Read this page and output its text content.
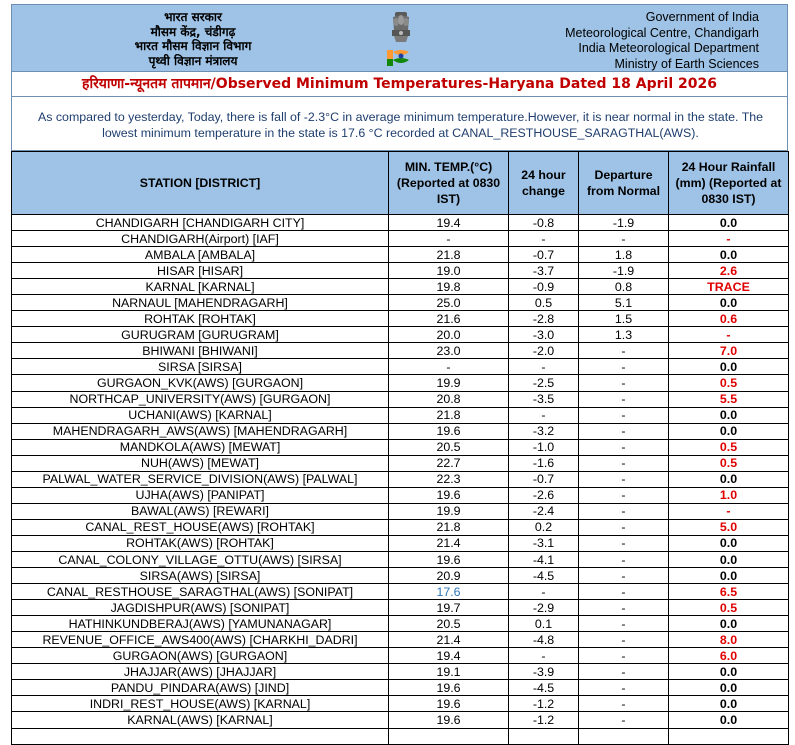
भारत सरकार
मौसम केंद्र, चंडीगढ़
भारत मौसम विज्ञान विभाग
पृथ्वी विज्ञान मंत्रालय
Government of India
Meteorological Centre, Chandigarh
India Meteorological Department
Ministry of Earth Sciences
हरियाणा-न्यूनतम तापमान/Observed Minimum Temperatures-Haryana Dated 18 April 2026
As compared to yesterday, Today, there is fall of -2.3°C in average minimum temperature.However, it is near normal in the state. The lowest minimum temperature in the state is 17.6 °C recorded at CANAL_RESTHOUSE_SARAGTHAL(AWS).
STATION [DISTRICT]	MIN. TEMP.(°C) (Reported at 0830 IST)	24 hour change	Departure from Normal	24 Hour Rainfall (mm) (Reported at 0830 IST)
CHANDIGARH [CHANDIGARH CITY]	19.4	-0.8	-1.9	0.0
CHANDIGARH(Airport) [IAF]	-	-	-	-
AMBALA [AMBALA]	21.8	-0.7	1.8	0.0
HISAR [HISAR]	19.0	-3.7	-1.9	2.6
KARNAL [KARNAL]	19.8	-0.9	0.8	TRACE
NARNAUL [MAHENDRAGARH]	25.0	0.5	5.1	0.0
ROHTAK [ROHTAK]	21.6	-2.8	1.5	0.6
GURUGRAM [GURUGRAM]	20.0	-3.0	1.3	-
BHIWANI [BHIWANI]	23.0	-2.0	-	7.0
SIRSA [SIRSA]	-	-	-	0.0
GURGAON_KVK(AWS) [GURGAON]	19.9	-2.5	-	0.5
NORTHCAP_UNIVERSITY(AWS) [GURGAON]	20.8	-3.5	-	5.5
UCHANI(AWS) [KARNAL]	21.8	-	-	0.0
MAHENDRAGARH_AWS(AWS) [MAHENDRAGARH]	19.6	-3.2	-	0.0
MANDKOLA(AWS) [MEWAT]	20.5	-1.0	-	0.5
NUH(AWS) [MEWAT]	22.7	-1.6	-	0.5
PALWAL_WATER_SERVICE_DIVISION(AWS) [PALWAL]	22.3	-0.7	-	0.0
UJHA(AWS) [PANIPAT]	19.6	-2.6	-	1.0
BAWAL(AWS) [REWARI]	19.9	-2.4	-	-
CANAL_REST_HOUSE(AWS) [ROHTAK]	21.8	0.2	-	5.0
ROHTAK(AWS) [ROHTAK]	21.4	-3.1	-	0.0
CANAL_COLONY_VILLAGE_OTTU(AWS) [SIRSA]	19.6	-4.1	-	0.0
SIRSA(AWS) [SIRSA]	20.9	-4.5	-	0.0
CANAL_RESTHOUSE_SARAGTHAL(AWS) [SONIPAT]	17.6	-	-	6.5
JAGDISHPUR(AWS) [SONIPAT]	19.7	-2.9	-	0.5
HATHINKUNDBERAJ(AWS) [YAMUNANAGAR]	20.5	0.1	-	0.0
REVENUE_OFFICE_AWS400(AWS) [CHARKHI_DADRI]	21.4	-4.8	-	8.0
GURGAON(AWS) [GURGAON]	19.4	-	-	6.0
JHAJJAR(AWS) [JHAJJAR]	19.1	-3.9	-	0.0
PANDU_PINDARA(AWS) [JIND]	19.6	-4.5	-	0.0
INDRI_REST_HOUSE(AWS) [KARNAL]	19.6	-1.2	-	0.0
KARNAL(AWS) [KARNAL]	19.6	-1.2	-	0.0
